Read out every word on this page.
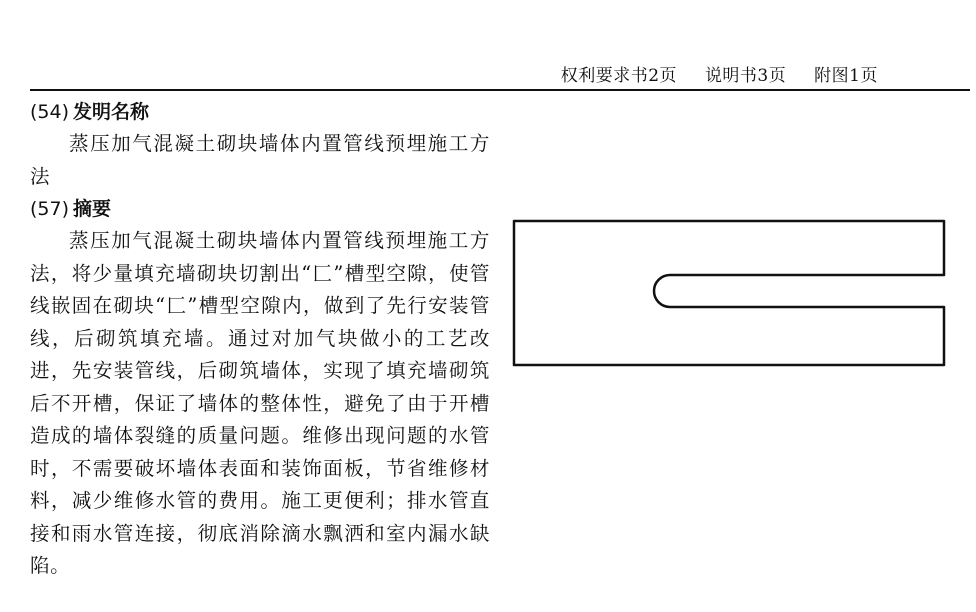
权利要求书2页 说明书3页 附图1页
(54) 发明名称

蒸压加气混凝土砌块墙体内置管线预埋施工方法

(57) 摘要

蒸压加气混凝土砌块墙体内置管线预埋施工方法，将少量填充墙砌块切割出“匚”槽型空隙，使管线嵌固在砌块“匚”槽型空隙内，做到了先行安装管线，后砌筑填充墙。通过对加气块做小的工艺改进，先安装管线，后砌筑墙体，实现了填充墙砌筑后不开槽，保证了墙体的整体性，避免了由于开槽造成的墙体裂缝的质量问题。维修出现问题的水管时，不需要破坏墙体表面和装饰面板，节省维修材料，减少维修水管的费用。施工更便利；排水管直接和雨水管连接，彻底消除滴水飘洒和室内漏水缺陷。
